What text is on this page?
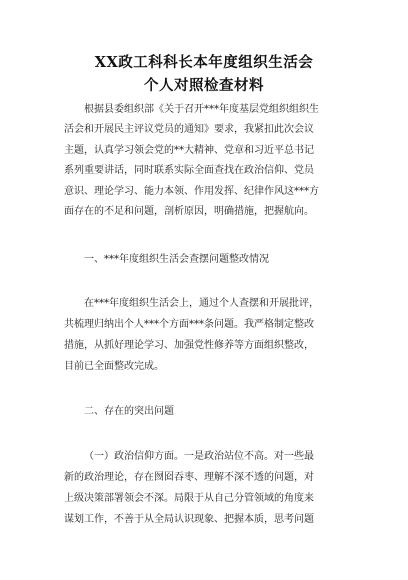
XX政工科科长本年度组织生活会
个人对照检查材料
根据县委组织部《关于召开***年度基层党组织组织生
活会和开展民主评议党员的通知》要求，我紧扣此次会议
主题，认真学习领会党的**大精神、党章和习近平总书记
系列重要讲话，同时联系实际全面查找在政治信仰、党员
意识、理论学习、能力本领、作用发挥、纪律作风这***方
面存在的不足和问题，剖析原因，明确措施，把握航向。
一、***年度组织生活会查摆问题整改情况
在***年度组织生活会上，通过个人查摆和开展批评，
共梳理归纳出个人***个方面***条问题。我严格制定整改
措施，从抓好理论学习、加强党性修养等方面组织整改，
目前已全面整改完成。
二、存在的突出问题
（一）政治信仰方面。一是政治站位不高。对一些最
新的政治理论，存在囫囵吞枣、理解不深不透的问题，对
上级决策部署领会不深。局限于从自己分管领域的角度来
谋划工作，不善于从全局认识现象、把握本质，思考问题
